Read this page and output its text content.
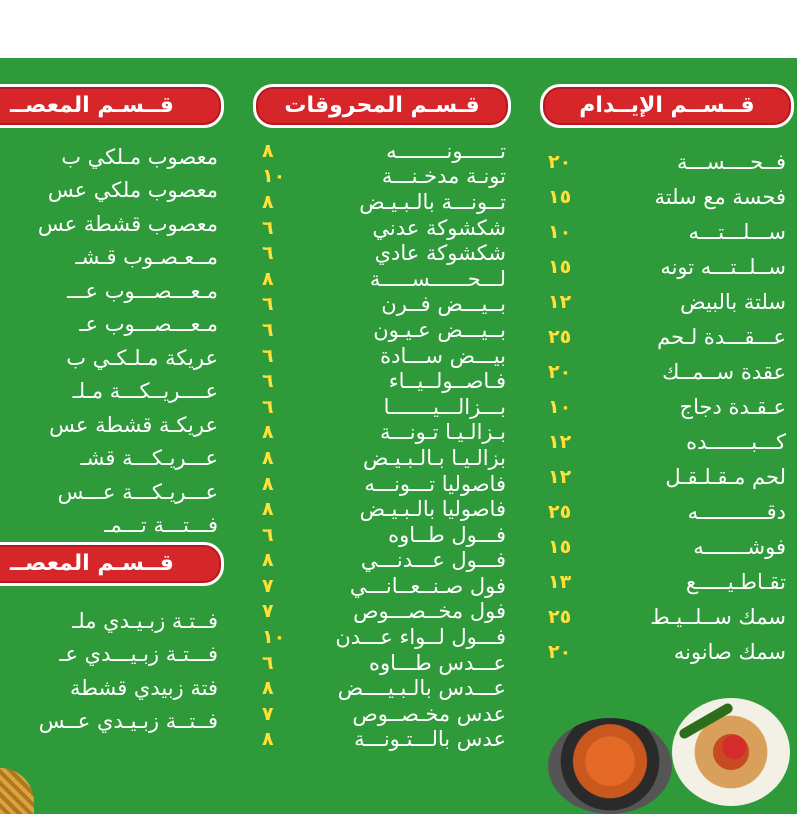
قــســم الإيــدام
فــحــــســـة
٢٠
فحسة مع سلتة
١٥
ســـلـــتـــه
١٠
ســلــتـــه تونه
١٥
سلتة بالبيض
١٢
عـــقـــدة لـحم
٢٥
عقدة ســمــك
٢٠
عـقـدة دجاج
١٠
كـــبـــــــده
١٢
لحم مـقـلـقـل
١٢
دقـــــــــــه
٢٥
فوشـــــــه
١٥
تقـاطـيـــــع
١٣
سمك ســلــيـط
٢٥
سمك صانونه
٢٠
قـسـم المحروقات
تــــــونــــــــه
٨
تونـة مدخـنـــة
١٠
تــونـــة بالـبـيـض
٨
شكشوكة عدني
٦
شكشوكة عادي
٦
لـــحــــــســـــة
٨
بــيـــض فــرن
٦
بــيـــض عـيـون
٦
بيـــض ســـادة
٦
فـاصــولــيــاء
٦
بـــزالـــيـــــــا
٦
بـزالـيـا تـونـــة
٨
بزالـيـا بـالـبـيـض
٨
فاصوليا تـــونـــه
٨
فاصوليا بالـبـيـض
٨
فـــول طــاوه
٦
فـــول عـــدنـــي
٨
فول صـنــعــانـــي
٧
فول مخــصـــوص
٧
فـــول لــواء عـــدن
١٠
عـــدس طـــاوه
٦
عـــدس بالـبـيــــض
٨
عدس مخـصــوص
٧
عدس بالـــتـونـــة
٨
قــسـم المعصــ
معصوب مـلكي ب
معصوب ملكي عس
معصوب قشطة عس
مــعـصـوب قـشـ
مـعـــصـــوب عـــ
مـعـــصـــوب عـ
عريكة مـلـكـي ب
عــــريــكـــة مـلـ
عريكـة قشطة عس
عـــريـكـــة قشـ
عـــريـكـــة عـــس
فـــتـــة تـــمـ
قــسـم المعصــ
فــتـة زبـيـدي ملـ
فـــتـة زبـيـــدي عـ
فتة زبيدي قشطة
فــتــة زبـيـدي عــس
